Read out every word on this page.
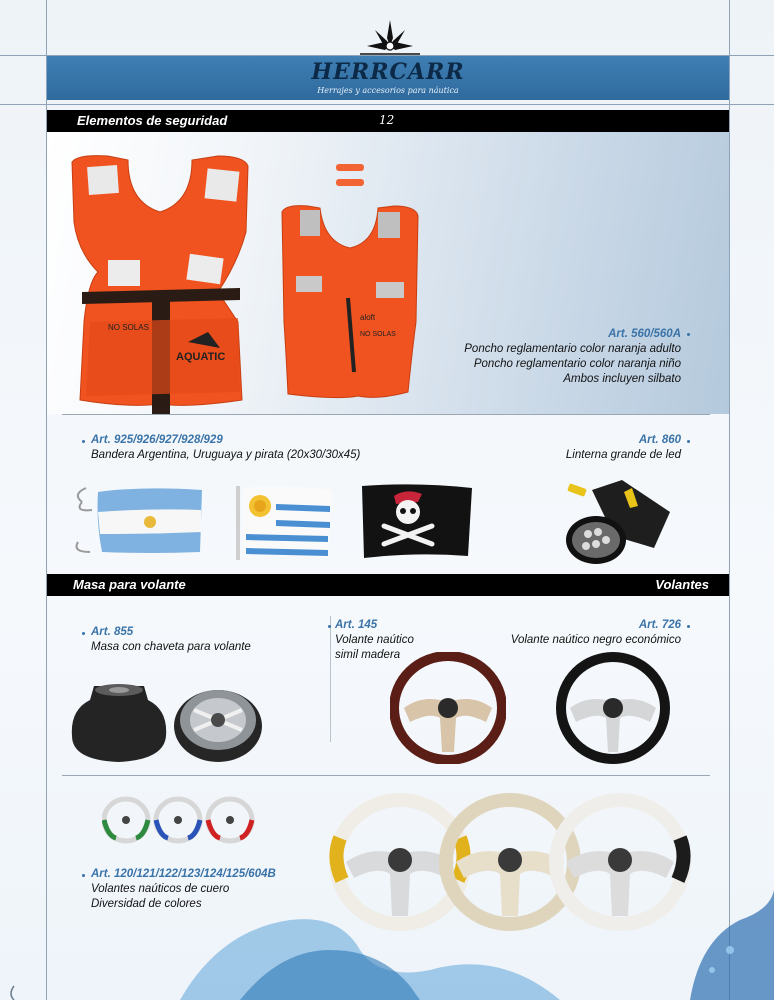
HERRCARR
Herrajes y accesorios para náutica
Elementos de seguridad	12
AQUATIC
NO SOLAS
aloft
NO SOLAS	Art. 560/560A
Poncho reglamentario color naranja adulto
Poncho reglamentario color naranja niño
Ambos incluyen silbato
Art. 925/926/927/928/929
Bandera Argentina, Uruguaya y pirata (20x30/30x45)
Art. 860
Linterna grande de led
Masa para volante	Volantes
Art. 855
Masa con chaveta para volante
Art. 145
Volante naútico
simil madera
Art. 726
Volante naútico negro económico
Art. 120/121/122/123/124/125/604B
Volantes naúticos de cuero
Diversidad de colores
